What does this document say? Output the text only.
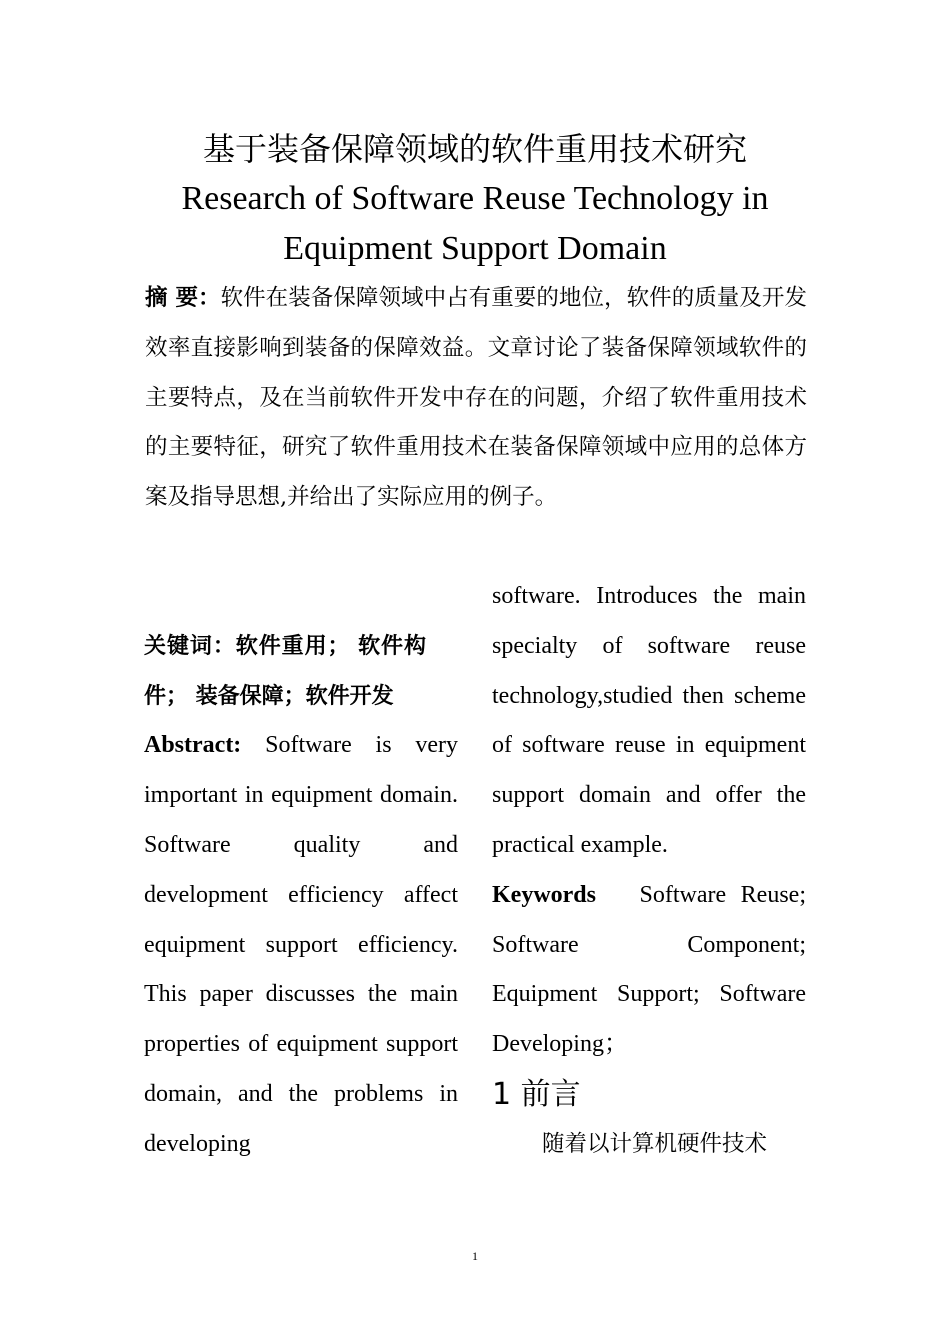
基于装备保障领域的软件重用技术研究
Research of Software Reuse Technology in
Equipment Support Domain

摘 要：软件在装备保障领域中占有重要的地位，软件的质量及开发效率直接影响到装备的保障效益。文章讨论了装备保障领域软件的主要特点，及在当前软件开发中存在的问题，介绍了软件重用技术的主要特征，研究了软件重用技术在装备保障领域中应用的总体方案及指导思想,并给出了实际应用的例子。

关键词：软件重用； 软件构件； 装备保障；软件开发

Abstract: Software is very important in equipment domain. Software quality and development efficiency affect equipment support efficiency. This paper discusses the main properties of equipment support domain, and the problems in developing

software. Introduces the main specialty of software reuse technology,studied then scheme of software reuse in equipment support domain and offer the practical example.

Keywords Software Reuse; Software Component; Equipment Support; Software Developing；

1 前言

随着以计算机硬件技术

1
